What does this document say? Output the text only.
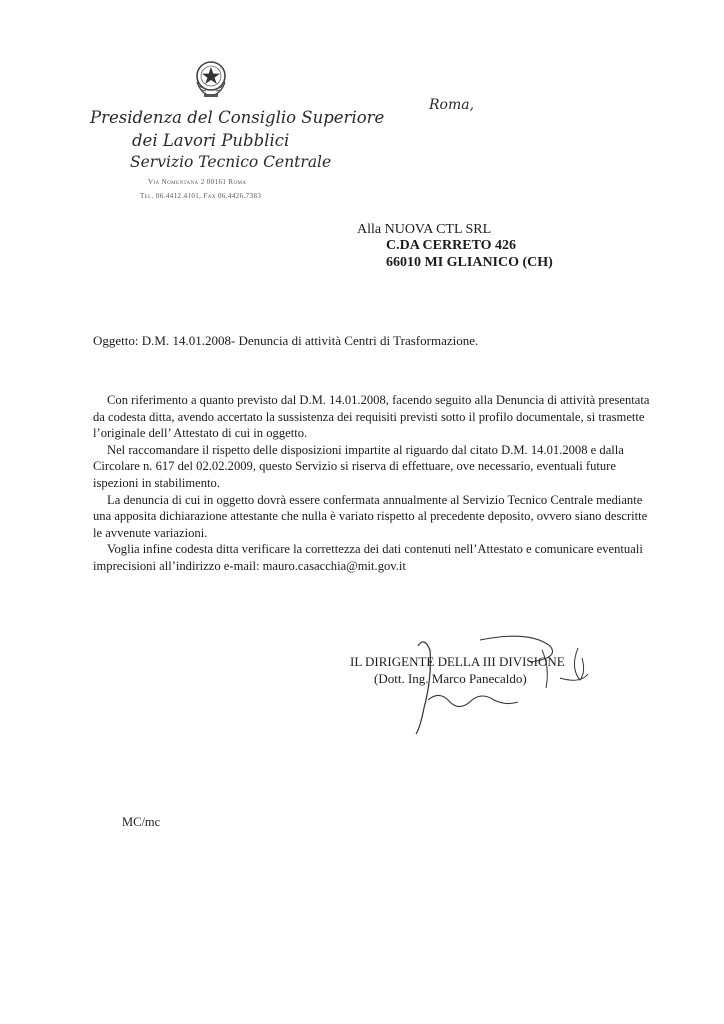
Presidenza del Consiglio Superiore
dei Lavori Pubblici
Servizio Tecnico Centrale
Via Nomentana 2 00161 Roma
Tel. 06.4412.4101, Fax 06.4426.7383
Roma,
Alla NUOVA CTL SRL
C.DA CERRETO 426
66010 MI GLIANICO (CH)
Oggetto: D.M. 14.01.2008- Denuncia di attività Centri di Trasformazione.

Con riferimento a quanto previsto dal D.M. 14.01.2008, facendo seguito alla Denuncia di attività presentata da codesta ditta, avendo accertato la sussistenza dei requisiti previsti sotto il profilo documentale, si trasmette l’originale dell’ Attestato di cui in oggetto.

Nel raccomandare il rispetto delle disposizioni impartite al riguardo dal citato D.M. 14.01.2008 e dalla Circolare n. 617 del 02.02.2009, questo Servizio si riserva di effettuare, ove necessario, eventuali future ispezioni in stabilimento.

La denuncia di cui in oggetto dovrà essere confermata annualmente al Servizio Tecnico Centrale mediante una apposita dichiarazione attestante che nulla è variato rispetto al precedente deposito, ovvero siano descritte le avvenute variazioni.

Voglia infine codesta ditta verificare la correttezza dei dati contenuti nell’Attestato e comunicare eventuali imprecisioni all’indirizzo e-mail: mauro.casacchia@mit.gov.it

IL DIRIGENTE DELLA III DIVISIONE
(Dott. Ing. Marco Panecaldo)
MC/mc
